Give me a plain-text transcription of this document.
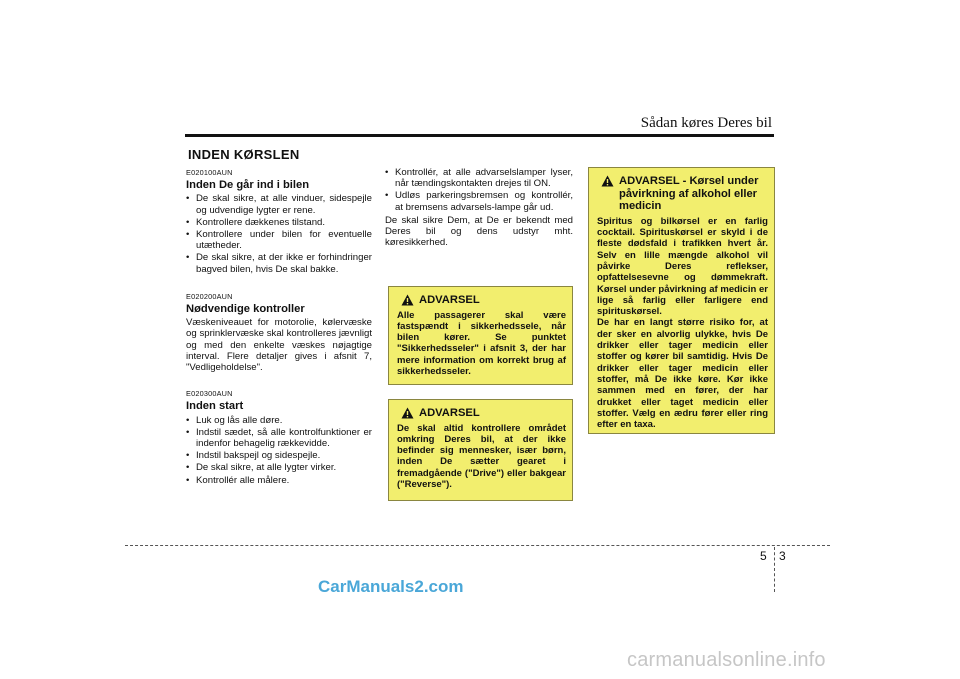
Sådan køres Deres bil
INDEN KØRSLEN
E020100AUN
Inden De går ind i bilen
• De skal sikre, at alle vinduer, sidespejle og udvendige lygter er rene.
• Kontrollere dækkenes tilstand.
• Kontrollere under bilen for eventuelle utætheder.
• De skal sikre, at der ikke er forhindringer bagved bilen, hvis De skal bakke.
E020200AUN
Nødvendige kontroller

Væskeniveauet for motorolie, kølervæske og sprinklervæske skal kontrolleres jævnligt og med den enkelte væskes nøjagtige interval. Flere detaljer gives i afsnit 7, "Vedligeholdelse".

E020300AUN
Inden start
• Luk og lås alle døre.
• Indstil sædet, så alle kontrolfunktioner er indenfor behagelig rækkevidde.
• Indstil bakspejl og sidespejle.
• De skal sikre, at alle lygter virker.
• Kontrollér alle målere.
• Kontrollér, at alle advarselslamper lyser, når tændingskontakten drejes til ON.
• Udløs parkeringsbremsen og kontrollér, at bremsens advarsels-lampe går ud.

De skal sikre Dem, at De er bekendt med Deres bil og dens udstyr mht. køresikkerhed.

ADVARSEL
Alle passagerer skal være fastspændt i sikkerhedssele, når bilen kører. Se punktet "Sikkerhedsseler" i afsnit 3, der har mere information om korrekt brug af sikkerhedsseler.
ADVARSEL
De skal altid kontrollere området omkring Deres bil, at der ikke befinder sig mennesker, især børn, inden De sætter gearet i fremadgående ("Drive") eller bakgear ("Reverse").
ADVARSEL - Kørsel under påvirkning af alkohol eller medicin
Spiritus og bilkørsel er en farlig cocktail. Spirituskørsel er skyld i de fleste dødsfald i trafikken hvert år. Selv en lille mængde alkohol vil påvirke Deres reflekser, opfattelsesevne og dømmekraft. Kørsel under påvirkning af medicin er lige så farlig eller farligere end spirituskørsel.
De har en langt større risiko for, at der sker en alvorlig ulykke, hvis De drikker eller tager medicin eller stoffer og kører bil samtidig. Hvis De drikker eller tager medicin eller stoffer, må De ikke køre. Kør ikke sammen med en fører, der har drukket eller taget medicin eller stoffer. Vælg en ædru fører eller ring efter en taxa.
5 3
CarManuals2.com
carmanualsonline.info
